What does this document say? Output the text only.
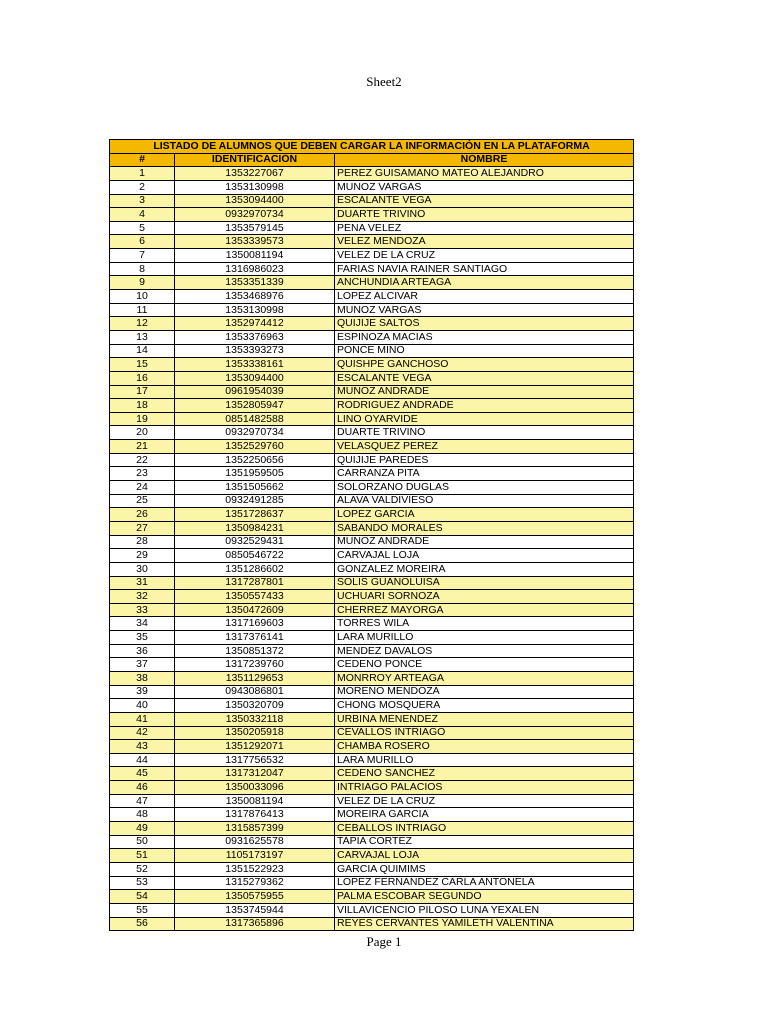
Sheet2
LISTADO DE ALUMNOS QUE DEBEN CARGAR LA INFORMACIÓN EN LA PLATAFORMA		
#	IDENTIFICACIÓN	NOMBRE
1	1353227067	PEREZ GUISAMANO MATEO ALEJANDRO
2	1353130998	MUNOZ VARGAS
3	1353094400	ESCALANTE VEGA
4	0932970734	DUARTE TRIVINO
5	1353579145	PENA VELEZ
6	1353339573	VELEZ MENDOZA
7	1350081194	VELEZ DE LA CRUZ
8	1316986023	FARIAS NAVIA RAINER SANTIAGO
9	1353351339	ANCHUNDIA ARTEAGA
10	1353468976	LOPEZ ALCIVAR
11	1353130998	MUNOZ VARGAS
12	1352974412	QUIJIJE SALTOS
13	1353376963	ESPINOZA MACIAS
14	1353393273	PONCE MINO
15	1353338161	QUISHPE GANCHOSO
16	1353094400	ESCALANTE VEGA
17	0961954039	MUNOZ ANDRADE
18	1352805947	RODRIGUEZ ANDRADE
19	0851482588	LINO OYARVIDE
20	0932970734	DUARTE TRIVINO
21	1352529760	VELASQUEZ PEREZ
22	1352250656	QUIJIJE PAREDES
23	1351959505	CARRANZA PITA
24	1351505662	SOLORZANO DUGLAS
25	0932491285	ALAVA VALDIVIESO
26	1351728637	LOPEZ GARCIA
27	1350984231	SABANDO MORALES
28	0932529431	MUNOZ ANDRADE
29	0850546722	CARVAJAL LOJA
30	1351286602	GONZALEZ MOREIRA
31	1317287801	SOLIS GUANOLUISA
32	1350557433	UCHUARI SORNOZA
33	1350472609	CHERREZ MAYORGA
34	1317169603	TORRES WILA
35	1317376141	LARA MURILLO
36	1350851372	MENDEZ DAVALOS
37	1317239760	CEDENO PONCE
38	1351129653	MONRROY ARTEAGA
39	0943086801	MORENO MENDOZA
40	1350320709	CHONG MOSQUERA
41	1350332118	URBINA MENENDEZ
42	1350205918	CEVALLOS INTRIAGO
43	1351292071	CHAMBA ROSERO
44	1317756532	LARA MURILLO
45	1317312047	CEDENO SANCHEZ
46	1350033096	INTRIAGO PALACIOS
47	1350081194	VELEZ DE LA CRUZ
48	1317876413	MOREIRA GARCIA
49	1315857399	CEBALLOS INTRIAGO
50	0931625578	TAPIA CORTEZ
51	1105173197	CARVAJAL LOJA
52	1351522923	GARCIA QUIMIMS
53	1315279362	LOPEZ FERNANDEZ CARLA ANTONELA
54	1350575955	PALMA ESCOBAR SEGUNDO
55	1353745944	VILLAVICENCIO PILOSO LUNA YEXALEN
56	1317365896	REYES CERVANTES YAMILETH VALENTINA
Page 1
